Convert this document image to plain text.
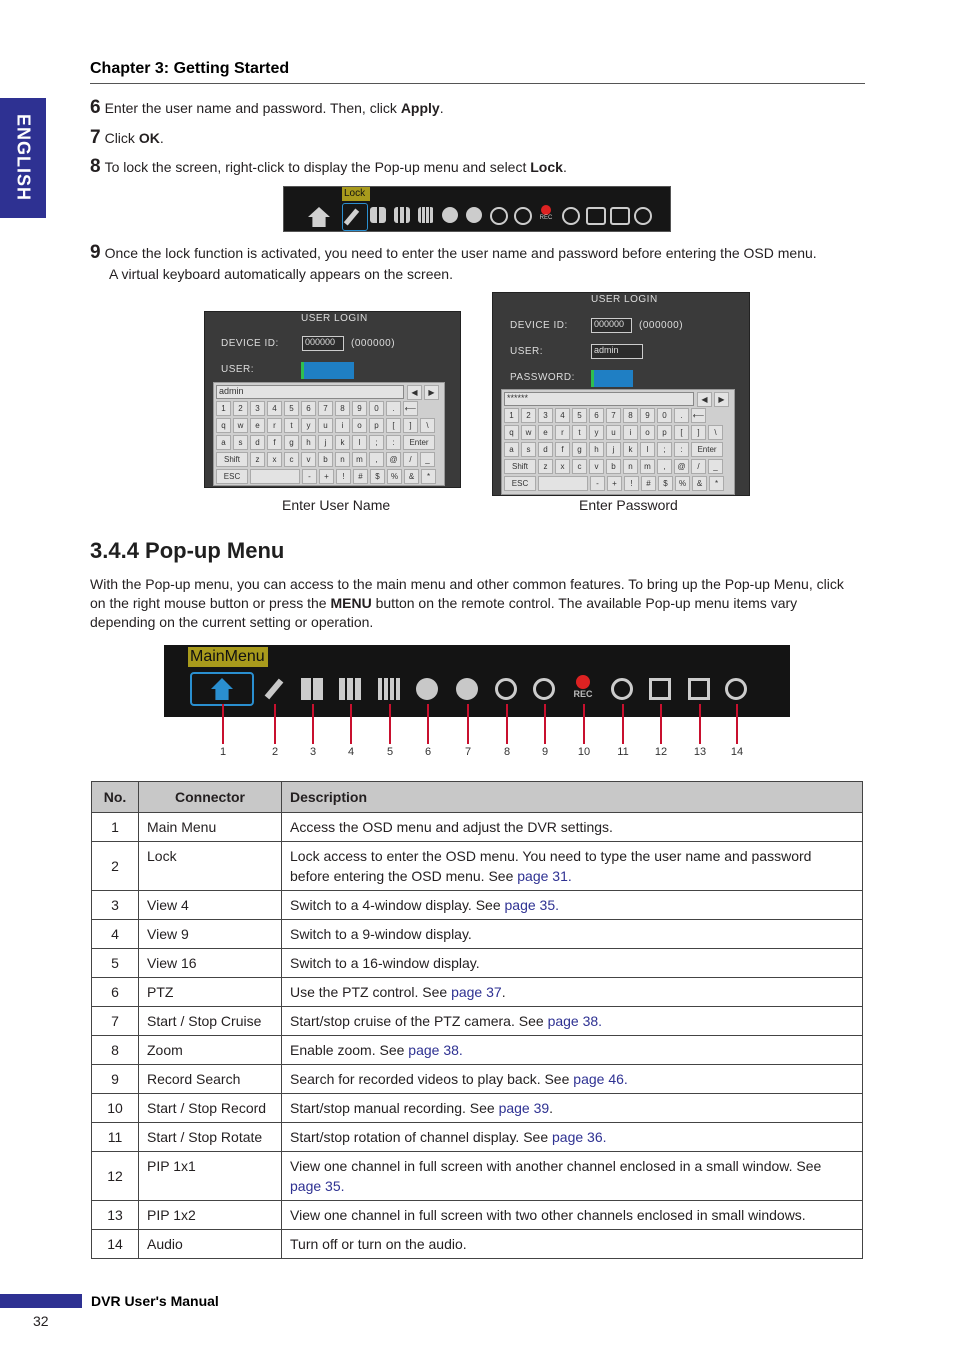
ENGLISH
Chapter 3: Getting Started
6 Enter the user name and password. Then, click Apply.
7 Click OK.
8 To lock the screen, right-click to display the Pop-up menu and select Lock.
Lock
REC
9 Once the lock function is activated, you need to enter the user name and password before entering the OSD menu.
A virtual keyboard automatically appears on the screen.
USER LOGIN
DEVICE ID:	000000	(000000)
USER:
admin	◀	▶
1	2	3	4	5	6	7	8	9	0	.	⟵
q	w	e	r	t	y	u	i	o	p	[	]	\
a	s	d	f	g	h	j	k	l	;	:	Enter
Shift	z	x	c	v	b	n	m	,	@	/	_
ESC	-	+	!	#	$	%	&	*
Enter User Name
USER LOGIN
DEVICE ID:	000000	(000000)
USER:	admin
PASSWORD:
******	◀	▶
1	2	3	4	5	6	7	8	9	0	.	⟵
q	w	e	r	t	y	u	i	o	p	[	]	\
a	s	d	f	g	h	j	k	l	;	:	Enter
Shift	z	x	c	v	b	n	m	,	@	/	_
ESC	-	+	!	#	$	%	&	*
Enter Password
3.4.4 Pop-up Menu
With the Pop-up menu, you can access to the main menu and other common features. To bring up the Pop-up Menu, click on the right mouse button or press the MENU button on the remote control. The available Pop-up menu items vary depending on the current setting or operation.
MainMenu
REC
1	2	3	4	5	6	7	8	9	10	11	12	13	14
No.	Connector	Description
1	Main Menu	Access the OSD menu and adjust the DVR settings.
2	Lock	Lock access to enter the OSD menu. You need to type the user name and password before entering the OSD menu. See page 31.
3	View 4	Switch to a 4-window display. See page 35.
4	View 9	Switch to a 9-window display.
5	View 16	Switch to a 16-window display.
6	PTZ	Use the PTZ control. See page 37.
7	Start / Stop Cruise	Start/stop cruise of the PTZ camera. See page 38.
8	Zoom	Enable zoom. See page 38.
9	Record Search	Search for recorded videos to play back. See page 46.
10	Start / Stop Record	Start/stop manual recording. See page 39.
11	Start / Stop Rotate	Start/stop rotation of channel display. See page 36.
12	PIP 1x1	View one channel in full screen with another channel enclosed in a small window. See page 35.
13	PIP 1x2	View one channel in full screen with two other channels enclosed in small windows.
14	Audio	Turn off or turn on the audio.
DVR User's Manual
32
